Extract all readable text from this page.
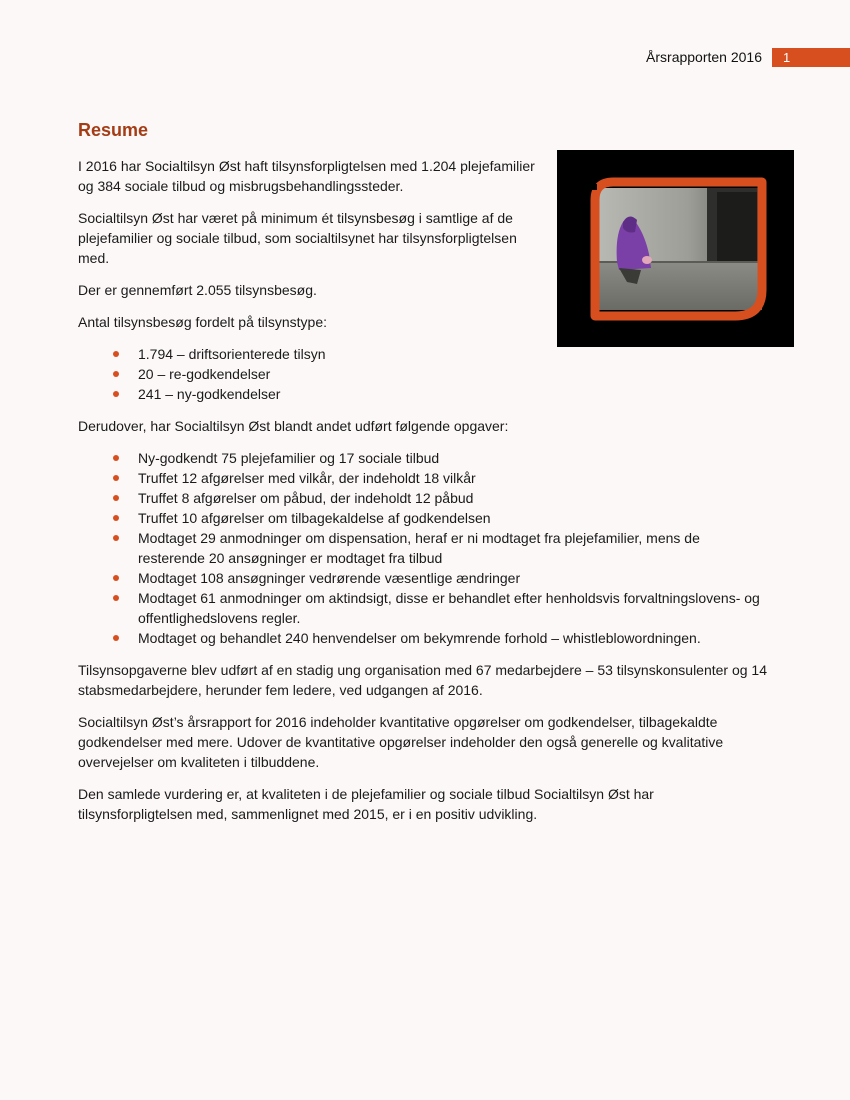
Årsrapporten 2016	1
Resume

I 2016 har Socialtilsyn Øst haft tilsynsforpligtelsen med 1.204 plejefamilier og 384 sociale tilbud og misbrugsbehandlingssteder.

Socialtilsyn Øst har været på minimum ét tilsynsbesøg i samtlige af de plejefamilier og sociale tilbud, som socialtilsynet har tilsynsforpligtelsen med.

Der er gennemført 2.055 tilsynsbesøg.

Antal tilsynsbesøg fordelt på tilsynstype:

1.794 – driftsorienterede tilsyn
20 – re-godkendelser
241 – ny-godkendelser

Derudover, har Socialtilsyn Øst blandt andet udført følgende opgaver:

Ny-godkendt 75 plejefamilier og 17 sociale tilbud
Truffet 12 afgørelser med vilkår, der indeholdt 18 vilkår
Truffet 8 afgørelser om påbud, der indeholdt 12 påbud
Truffet 10 afgørelser om tilbagekaldelse af godkendelsen
Modtaget 29 anmodninger om dispensation, heraf er ni modtaget fra plejefamilier, mens de resterende 20 ansøgninger er modtaget fra tilbud
Modtaget 108 ansøgninger vedrørende væsentlige ændringer
Modtaget 61 anmodninger om aktindsigt, disse er behandlet efter henholdsvis forvaltningslovens- og offentlighedslovens regler.
Modtaget og behandlet 240 henvendelser om bekymrende forhold – whistleblowordningen.

Tilsynsopgaverne blev udført af en stadig ung organisation med 67 medarbejdere – 53 tilsynskonsulenter og 14 stabsmedarbejdere, herunder fem ledere, ved udgangen af 2016.

Socialtilsyn Øst’s årsrapport for 2016 indeholder kvantitative opgørelser om godkendelser, tilbagekaldte godkendelser med mere. Udover de kvantitative opgørelser indeholder den også generelle og kvalitative overvejelser om kvaliteten i tilbuddene.

Den samlede vurdering er, at kvaliteten i de plejefamilier og sociale tilbud Socialtilsyn Øst har tilsynsforpligtelsen med, sammenlignet med 2015, er i en positiv udvikling.
